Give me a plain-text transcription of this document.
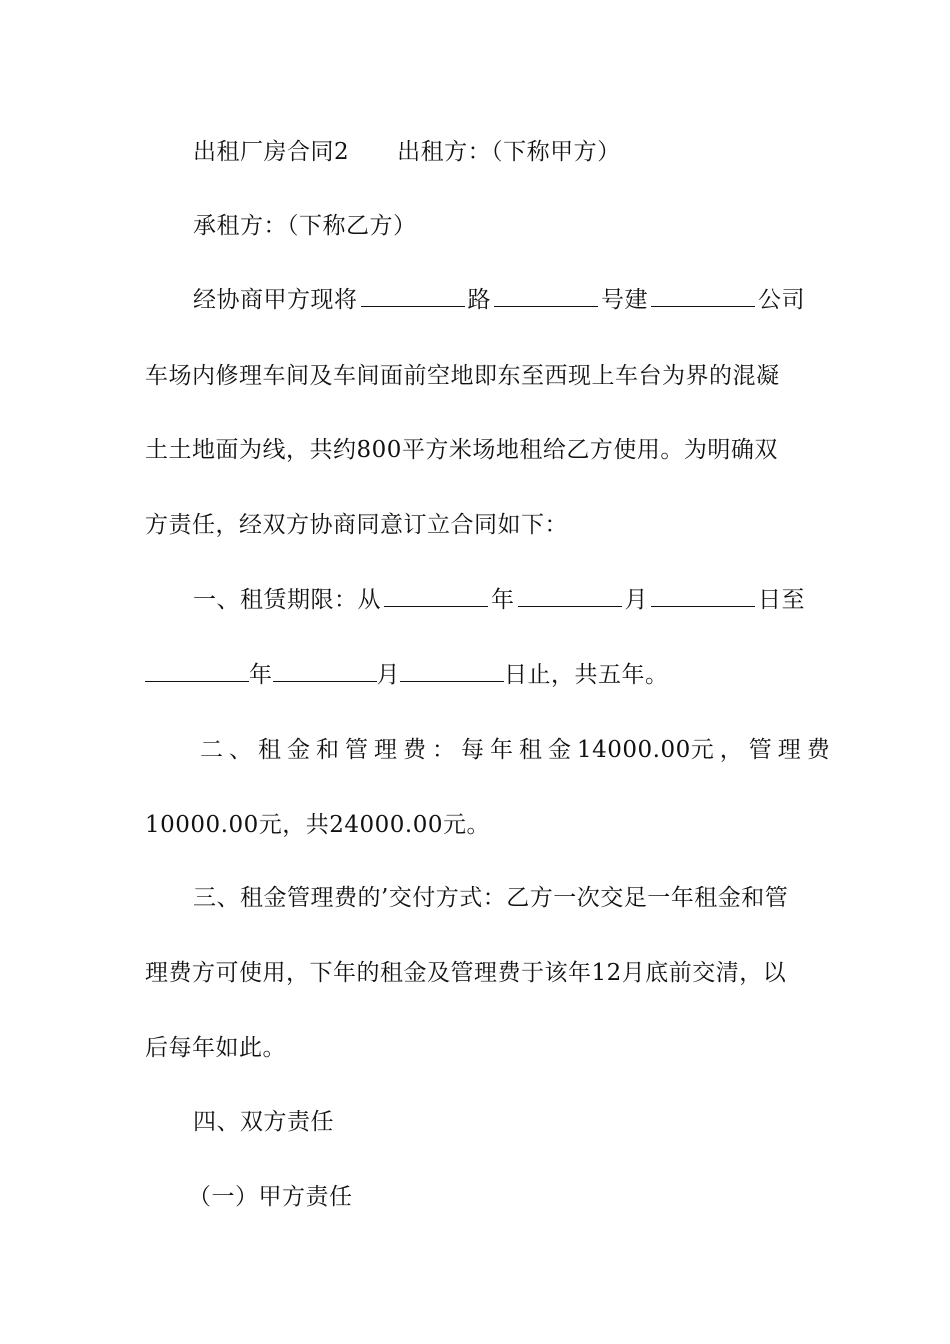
出租厂房合同2 出租方：（下称甲方）
承租方：（下称乙方）
经协商甲方现将	路	号建	公司
车场内修理车间及车间面前空地即东至西现上车台为界的混凝
土土地面为线，共约800平方米场地租给乙方使用。为明确双
方责任，经双方协商同意订立合同如下：
一、租赁期限：从	年	月	日至
年	月	日止，共五年。
二、租金和管理费：每年租金 14000.00 元，管理费
10000.00元，共24000.00元。
三、租金管理费的’交付方式：乙方一次交足一年租金和管
理费方可使用，下年的租金及管理费于该年12月底前交清，以
后每年如此。
四、双方责任
（一）甲方责任
